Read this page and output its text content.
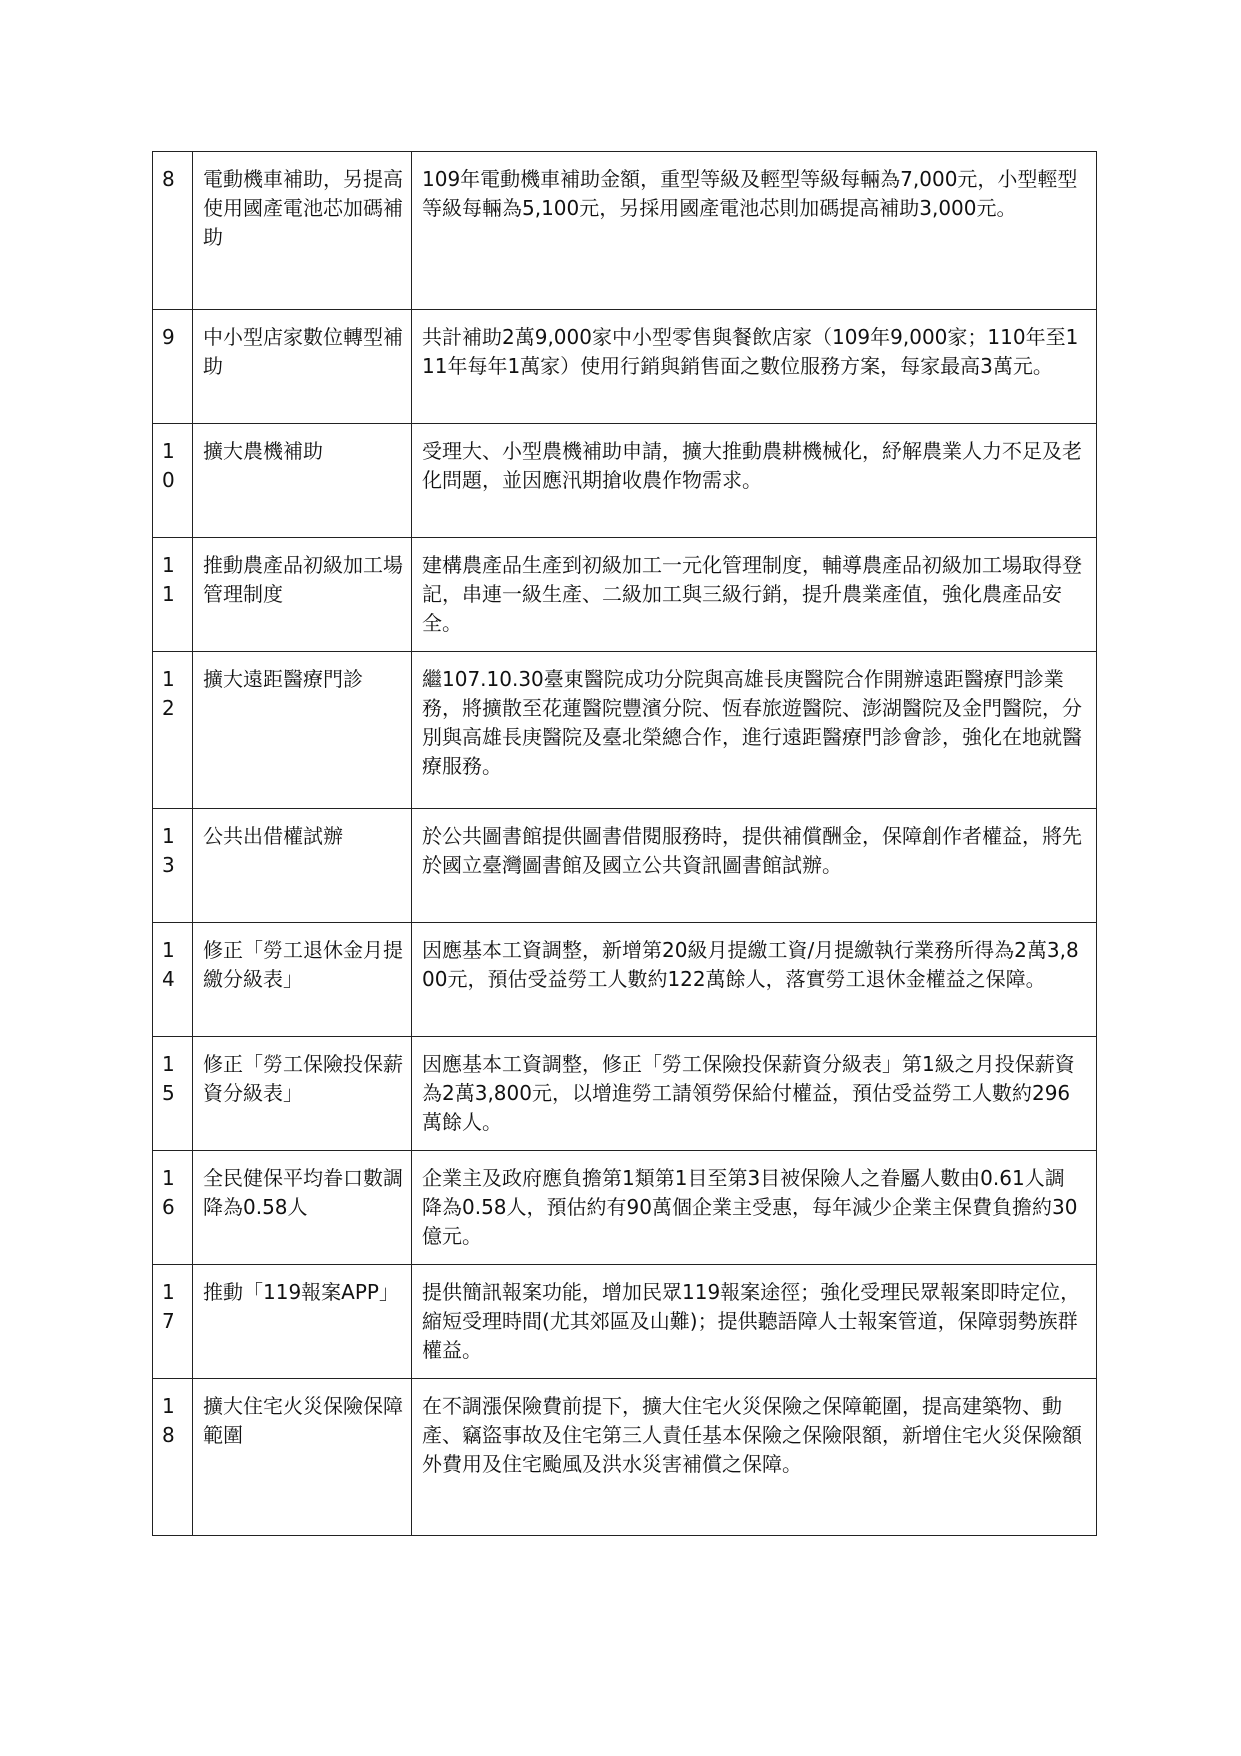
8	電動機車補助，另提高使用國產電池芯加碼補助	109年電動機車補助金額，重型等級及輕型等級每輛為7,000元，小型輕型等級每輛為5,100元，另採用國產電池芯則加碼提高補助3,000元。
9	中小型店家數位轉型補助	共計補助2萬9,000家中小型零售與餐飲店家（109年9,000家；110年至111年每年1萬家）使用行銷與銷售面之數位服務方案，每家最高3萬元。
10	擴大農機補助	受理大、小型農機補助申請，擴大推動農耕機械化，紓解農業人力不足及老化問題，並因應汛期搶收農作物需求。
11	推動農產品初級加工場管理制度	建構農產品生產到初級加工一元化管理制度，輔導農產品初級加工場取得登記，串連一級生產、二級加工與三級行銷，提升農業產值，強化農產品安全。
12	擴大遠距醫療門診	繼107.10.30臺東醫院成功分院與高雄長庚醫院合作開辦遠距醫療門診業務，將擴散至花蓮醫院豐濱分院、恆春旅遊醫院、澎湖醫院及金門醫院，分別與高雄長庚醫院及臺北榮總合作，進行遠距醫療門診會診，強化在地就醫療服務。
13	公共出借權試辦	於公共圖書館提供圖書借閱服務時，提供補償酬金，保障創作者權益，將先於國立臺灣圖書館及國立公共資訊圖書館試辦。
14	修正「勞工退休金月提繳分級表」	因應基本工資調整，新增第20級月提繳工資/月提繳執行業務所得為2萬3,800元，預估受益勞工人數約122萬餘人，落實勞工退休金權益之保障。
15	修正「勞工保險投保薪資分級表」	因應基本工資調整，修正「勞工保險投保薪資分級表」第1級之月投保薪資為2萬3,800元，以增進勞工請領勞保給付權益，預估受益勞工人數約296萬餘人。
16	全民健保平均眷口數調降為0.58人	企業主及政府應負擔第1類第1目至第3目被保險人之眷屬人數由0.61人調降為0.58人，預估約有90萬個企業主受惠，每年減少企業主保費負擔約30億元。
17	推動「119報案APP」	提供簡訊報案功能，增加民眾119報案途徑；強化受理民眾報案即時定位，縮短受理時間(尤其郊區及山難)；提供聽語障人士報案管道，保障弱勢族群權益。
18	擴大住宅火災保險保障範圍	在不調漲保險費前提下，擴大住宅火災保險之保障範圍，提高建築物、動產、竊盜事故及住宅第三人責任基本保險之保險限額，新增住宅火災保險額外費用及住宅颱風及洪水災害補償之保障。
